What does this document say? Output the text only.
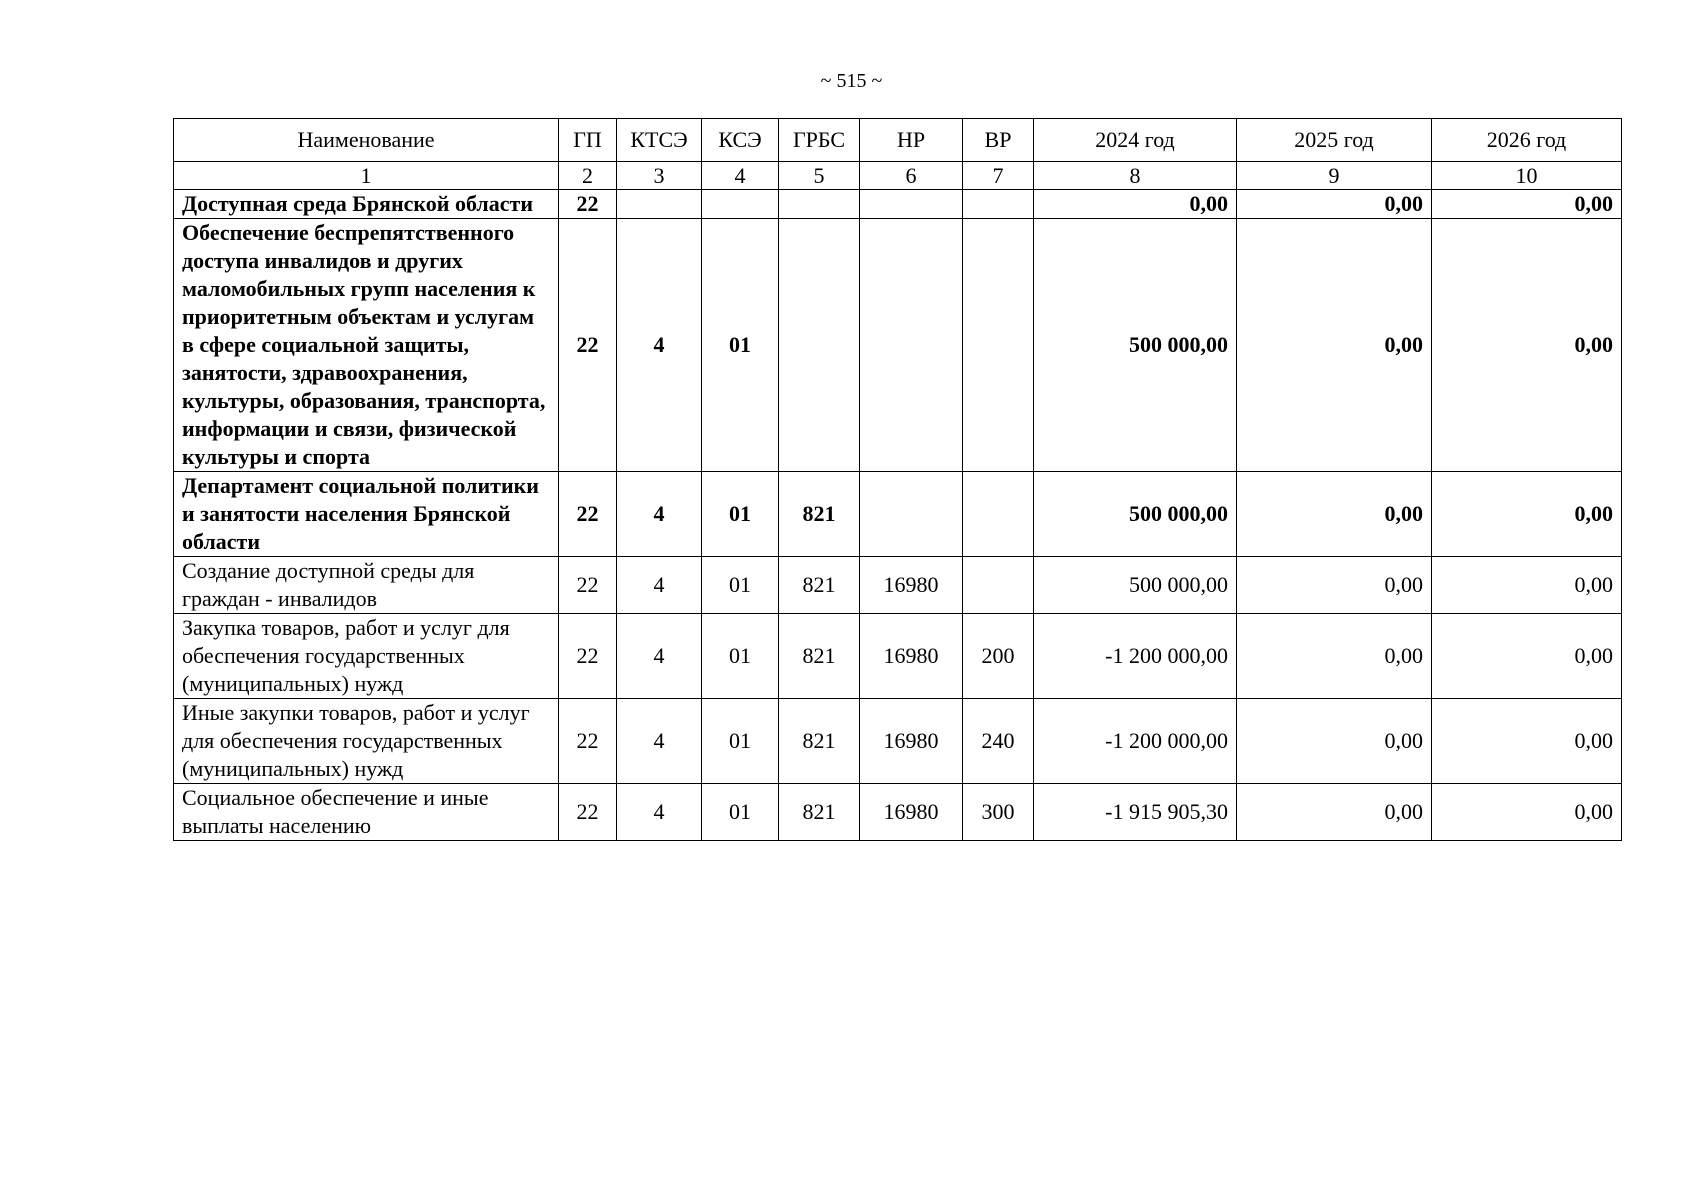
~ 515 ~
Наименование	ГП	КТСЭ	КСЭ	ГРБС	НР	ВР	2024 год	2025 год	2026 год
1	2	3	4	5	6	7	8	9	10
Доступная среда Брянской области	22						0,00	0,00	0,00
Обеспечение беспрепятственного доступа инвалидов и других маломобильных групп населения к приоритетным объектам и услугам в сфере социальной защиты, занятости, здравоохранения, культуры, образования, транспорта, информации и связи, физической культуры и спорта	22	4	01				500 000,00	0,00	0,00
Департамент социальной политики и занятости населения Брянской области	22	4	01	821			500 000,00	0,00	0,00
Создание доступной среды для граждан - инвалидов	22	4	01	821	16980		500 000,00	0,00	0,00
Закупка товаров, работ и услуг для обеспечения государственных (муниципальных) нужд	22	4	01	821	16980	200	-1 200 000,00	0,00	0,00
Иные закупки товаров, работ и услуг для обеспечения государственных (муниципальных) нужд	22	4	01	821	16980	240	-1 200 000,00	0,00	0,00
Социальное обеспечение и иные выплаты населению	22	4	01	821	16980	300	-1 915 905,30	0,00	0,00
